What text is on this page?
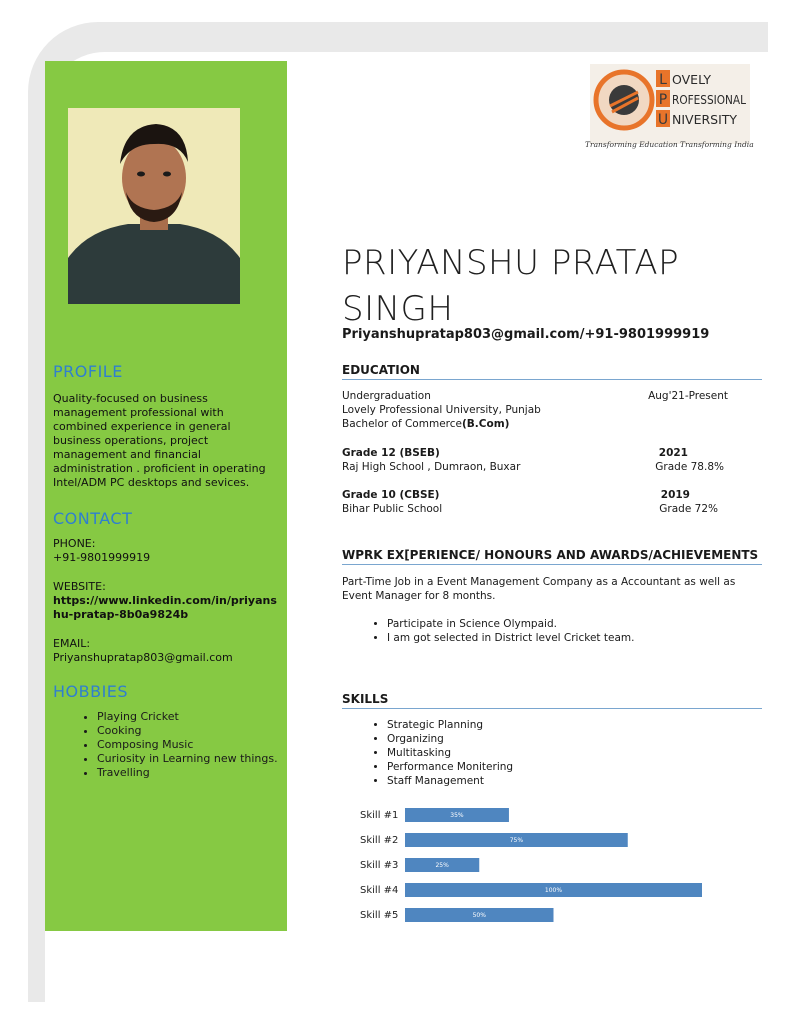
PROFILE
Quality-focused on business management professional with combined experience in general business operations, project management and financial administration . proficient in operating Intel/ADM PC desktops and sevices.
CONTACT
PHONE:
+91-9801999919
WEBSITE:
https://www.linkedin.com/in/priyanshu-pratap-8b0a9824b
EMAIL:
Priyanshupratap803@gmail.com
HOBBIES
• Playing Cricket
• Cooking
• Composing Music
• Curiosity in Learning new things.
• Travelling
L
P
U
OVELY
ROFESSIONAL
NIVERSITY
Transforming Education Transforming India
PRIYANSHU PRATAP
SINGH
Priyanshupratap803@gmail.com/+91-9801999919
EDUCATION
Undergraduation	Aug'21-Present
Lovely Professional University, Punjab
Bachelor of Commerce(B.Com)
Grade 12 (BSEB)	2021
Raj High School , Dumraon, Buxar	Grade 78.8%
Grade 10 (CBSE)	2019
Bihar Public School	Grade 72%
WPRK EX[PERIENCE/ HONOURS AND AWARDS/ACHIEVEMENTS
Part-Time Job in a Event Management Company as a Accountant as well as Event Manager for 8 months.
• Participate in Science Olympaid.
• I am got selected in District level Cricket team.
SKILLS
• Strategic Planning
• Organizing
• Multitasking
• Performance Monitering
• Staff Management
Skill #1	35%
Skill #2	75%
Skill #3	25%
Skill #4	100%
Skill #5	50%
